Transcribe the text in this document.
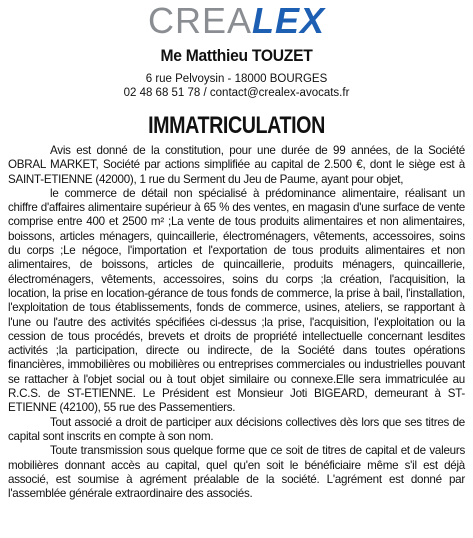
CREALEX
Me Matthieu TOUZET
6 rue Pelvoysin - 18000 BOURGES
02 48 68 51 78 / contact@crealex-avocats.fr
IMMATRICULATION

Avis est donné de la constitution, pour une durée de 99 années, de la Société OBRAL MARKET, Société par actions simplifiée au capital de 2.500 €, dont le siège est à SAINT-ETIENNE (42000), 1 rue du Serment du Jeu de Paume, ayant pour objet,

le commerce de détail non spécialisé à prédominance alimentaire, réalisant un chiffre d'affaires alimentaire supérieur à 65 % des ventes, en magasin d'une surface de vente comprise entre 400 et 2500 m² ;La vente de tous produits alimentaires et non alimentaires, boissons, articles ménagers, quincaillerie, électroménagers, vêtements, accessoires, soins du corps ;Le négoce, l'importation et l'exportation de tous produits alimentaires et non alimentaires, de boissons, articles de quincaillerie, produits ménagers, quincaillerie, électroménagers, vêtements, accessoires, soins du corps ;la création, l'acquisition, la location, la prise en location-gérance de tous fonds de commerce, la prise à bail, l'installation, l'exploitation de tous établissements, fonds de commerce, usines, ateliers, se rapportant à l'une ou l'autre des activités spécifiées ci-dessus ;la prise, l'acquisition, l'exploitation ou la cession de tous procédés, brevets et droits de propriété intellectuelle concernant lesdites activités ;la participation, directe ou indirecte, de la Société dans toutes opérations financières, immobilières ou mobilières ou entreprises commerciales ou industrielles pouvant se rattacher à l'objet social ou à tout objet similaire ou connexe.Elle sera immatriculée au R.C.S. de ST-ETIENNE. Le Président est Monsieur Joti BIGEARD, demeurant à ST-ETIENNE (42100), 55 rue des Passementiers.

Tout associé a droit de participer aux décisions collectives dès lors que ses titres de capital sont inscrits en compte à son nom.

Toute transmission sous quelque forme que ce soit de titres de capital et de valeurs mobilières donnant accès au capital, quel qu'en soit le bénéficiaire même s'il est déjà associé, est soumise à agrément préalable de la société. L'agrément est donné par l'assemblée générale extraordinaire des associés.
